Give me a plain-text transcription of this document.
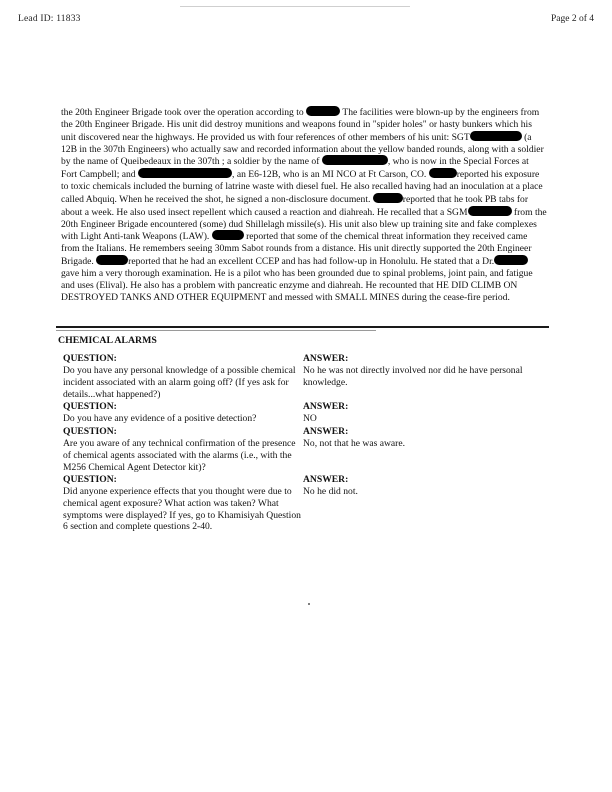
Lead ID: 11833	Page 2 of 4
the 20th Engineer Brigade took over the operation according to	The facilities were blown-up by the engineers from the 20th Engineer Brigade. His unit did destroy munitions and weapons found in "spider holes" or hasty bunkers which his unit discovered near the highways. He provided us with four references of other members of his unit: SGT	(a 12B in the 307th Engineers) who actually saw and recorded information about the yellow banded rounds, along with a soldier by the name of Queibedeaux in the 307th ; a soldier by the name of	, who is now in the Special Forces at Fort Campbell; and	, an E6-12B, who is an MI NCO at Ft Carson, CO.	reported his exposure to toxic chemicals included the burning of latrine waste with diesel fuel. He also recalled having had an inoculation at a place called Abquiq. When he received the shot, he signed a non-disclosure document.	reported that he took PB tabs for about a week. He also used insect repellent which caused a reaction and diahreah. He recalled that a SGM	from the 20th Engineer Brigade encountered (some) dud Shillelagh missile(s). His unit also blew up training site and fake complexes with Light Anti-tank Weapons (LAW).	reported that some of the chemical threat information they received came from the Italians. He remembers seeing 30mm Sabot rounds from a distance. His unit directly supported the 20th Engineer Brigade.	reported that he had an excellent CCEP and has had follow-up in Honolulu. He stated that a Dr. gave him a very thorough examination. He is a pilot who has been grounded due to spinal problems, joint pain, and fatigue and uses (Elival). He also has a problem with pancreatic enzyme and diahreah. He recounted that HE DID CLIMB ON DESTROYED TANKS AND OTHER EQUIPMENT and messed with SMALL MINES during the cease-fire period.
CHEMICAL ALARMS
QUESTION:
Do you have any personal knowledge of a possible chemical incident associated with an alarm going off? (If yes ask for details...what happened?)
ANSWER:
No he was not directly involved nor did he have personal knowledge.
QUESTION:
Do you have any evidence of a positive detection?
ANSWER:
NO
QUESTION:
Are you aware of any technical confirmation of the presence of chemical agents associated with the alarms (i.e., with the M256 Chemical Agent Detector kit)?
ANSWER:
No, not that he was aware.
QUESTION:
Did anyone experience effects that you thought were due to chemical agent exposure? What action was taken? What symptoms were displayed? If yes, go to Khamisiyah Question 6 section and complete questions 2-40.
ANSWER:
No he did not.
